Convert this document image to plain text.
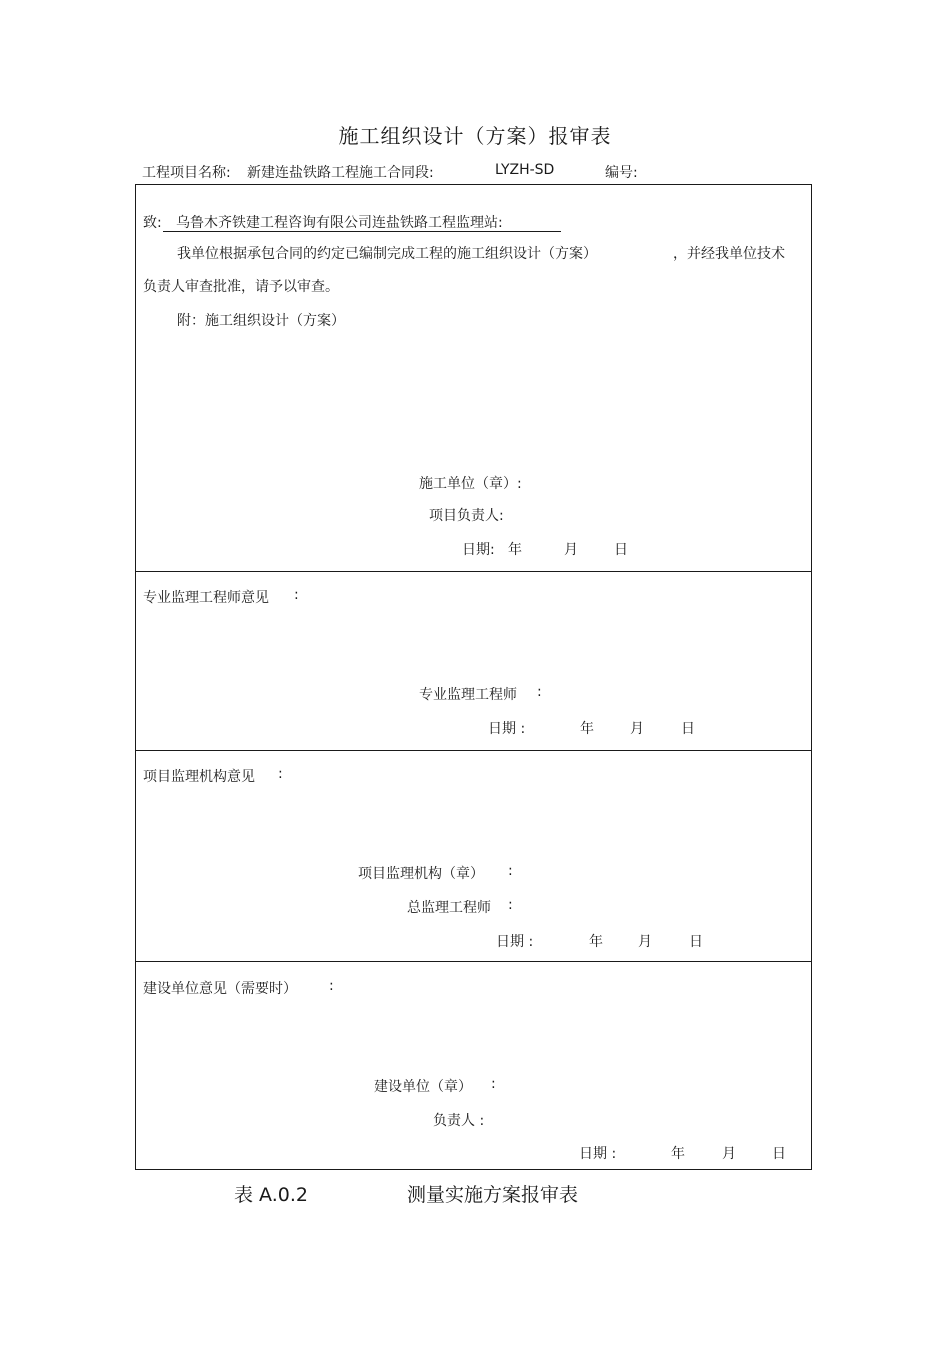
施工组织设计（方案）报审表
工程项目名称: 新建连盐铁路工程施工合同段:	LYZH-SD	编号:
致: 乌鲁木齐铁建工程咨询有限公司连盐铁路工程监理站:
我单位根据承包合同的约定已编制完成工程的施工组织设计（方案）	，并经我单位技术
负责人审查批准，请予以审查。
附：施工组织设计（方案）
施工单位（章）:
项目负责人:
日期: 年	月	日
专业监理工程师意见 :
专业监理工程师 :
日期 :	年	月	日
项目监理机构意见 :
项目监理机构（章） :
总监理工程师 :
日期 :	年	月	日
建设单位意见（需要时） :
建设单位（章） :
负责人 :
日期 :	年	月	日
表 A.0.2	测量实施方案报审表
